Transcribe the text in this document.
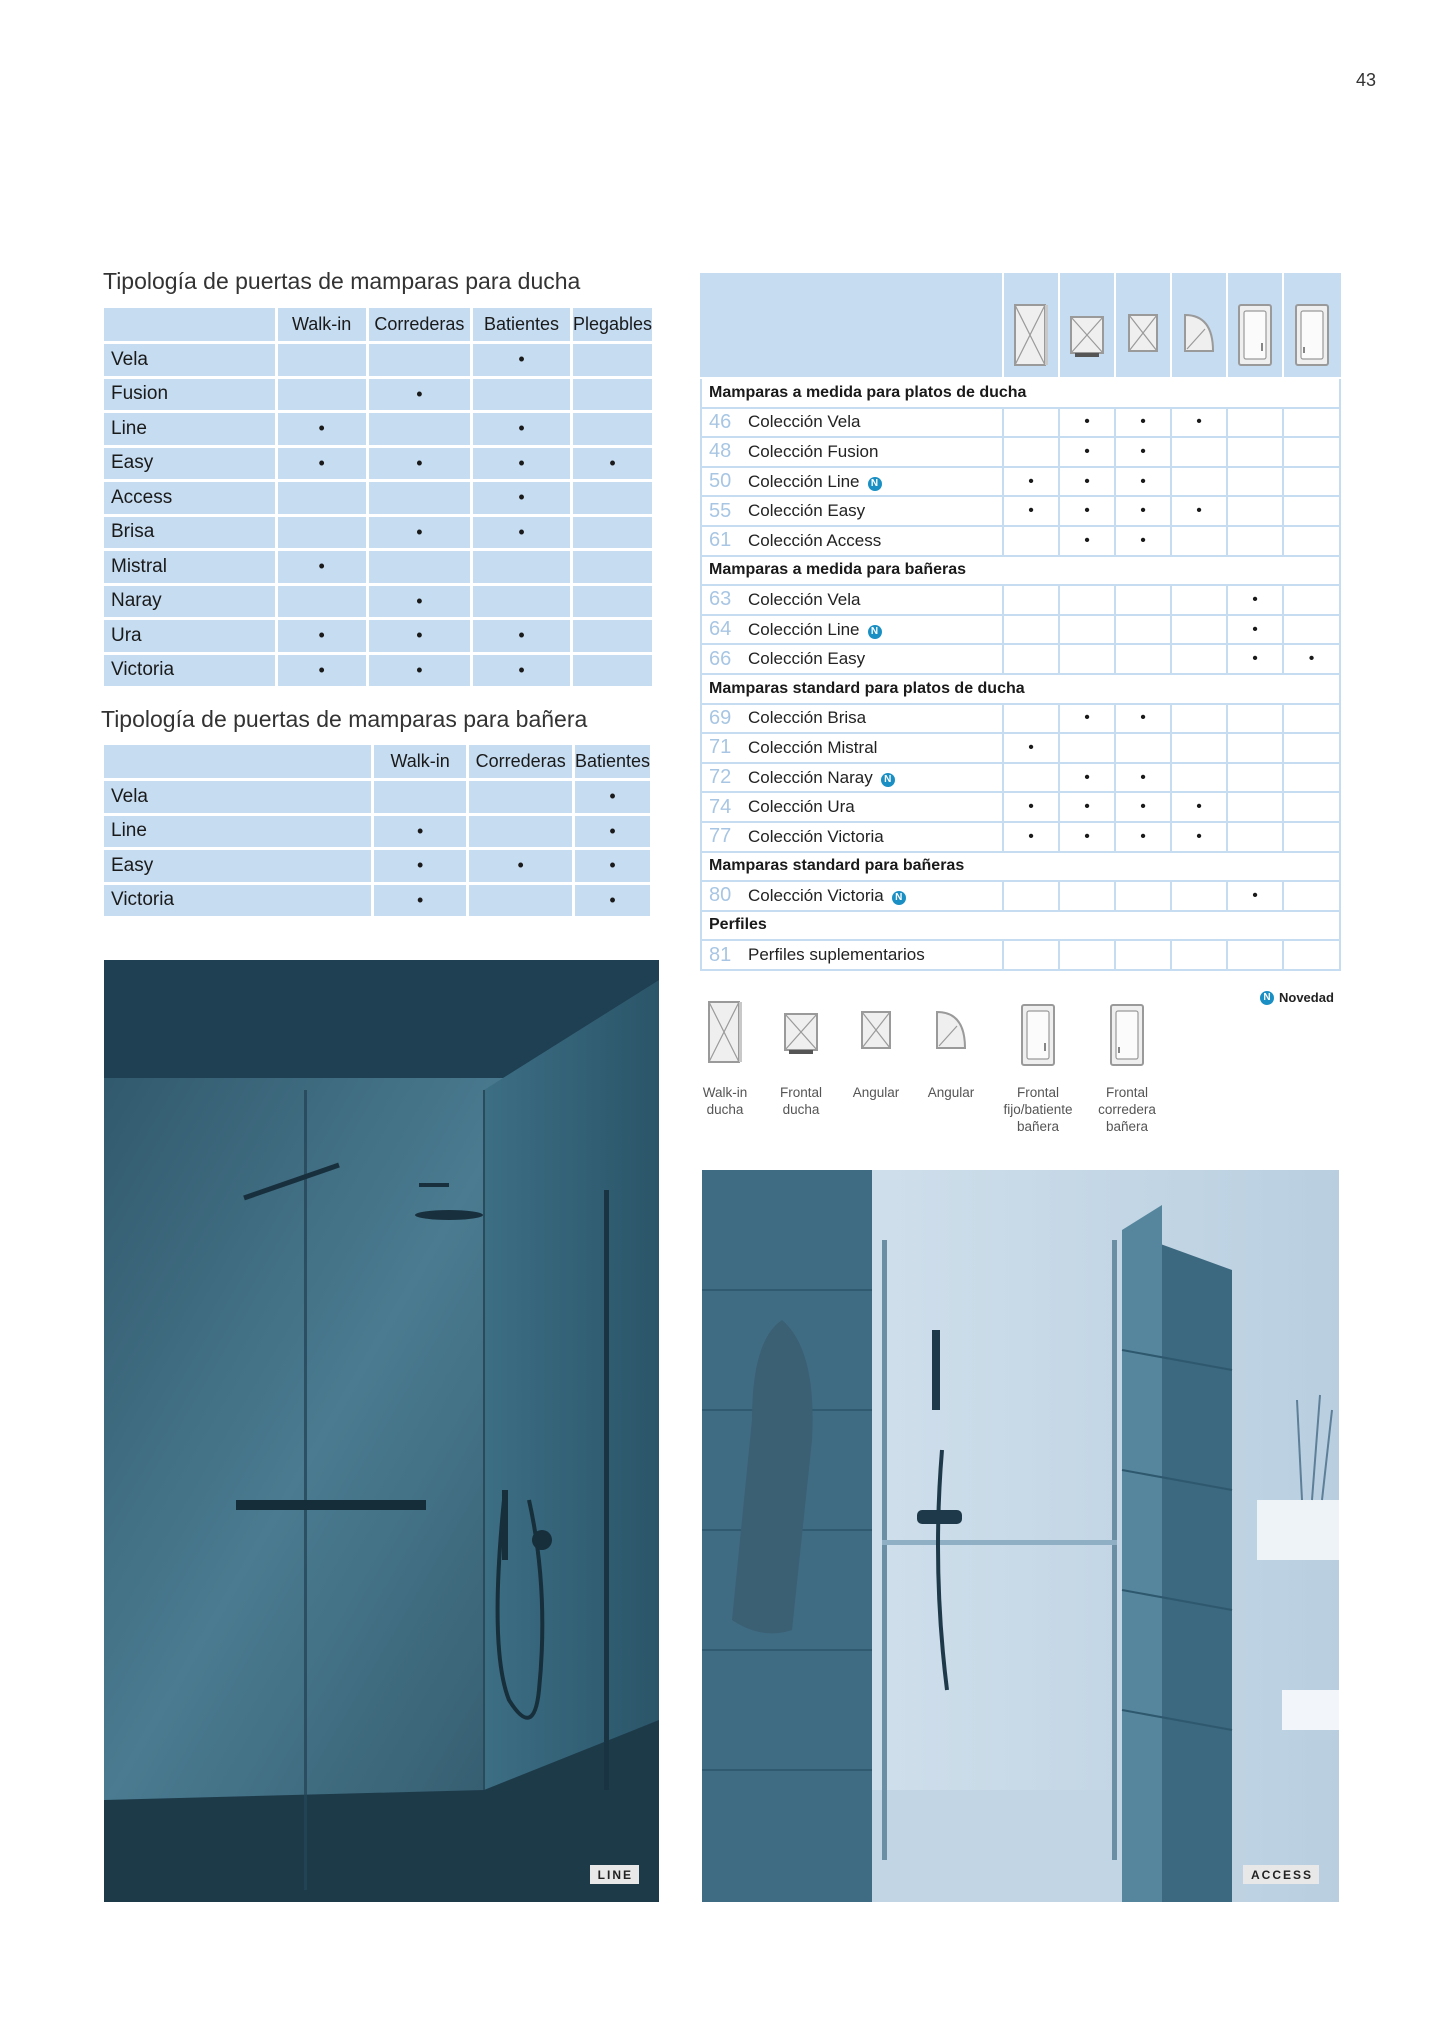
43
Tipología de puertas de mamparas para ducha
	Walk-in	Correderas	Batientes	Plegables
Vela			•	
Fusion		•		
Line	•		•	
Easy	•	•	•	•
Access			•	
Brisa		•	•	
Mistral	•			
Naray		•		
Ura	•	•	•	
Victoria	•	•	•	
Tipología de puertas de mamparas para bañera
	Walk-in	Correderas	Batientes
Vela			•
Line	•		•
Easy	•	•	•
Victoria	•		•

Mamparas a medida para platos de ducha							
46	Colección Vela		•	•	•		
48	Colección Fusion		•	•			
50	Colección Line N	•	•	•			
55	Colección Easy	•	•	•	•		
61	Colección Access		•	•			
Mamparas a medida para bañeras							
63	Colección Vela					•	
64	Colección Line N					•	
66	Colección Easy					•	•
Mamparas standard para platos de ducha							
69	Colección Brisa		•	•			
71	Colección Mistral	•					
72	Colección Naray N		•	•			
74	Colección Ura	•	•	•	•		
77	Colección Victoria	•	•	•	•		
Mamparas standard para bañeras							
80	Colección Victoria N					•	
Perfiles							
81	Perfiles suplementarios						
N Novedad
Walk-in
ducha
Frontal
ducha
Angular	Angular	Frontal
fijo/batiente
bañera
Frontal
corredera
bañera
LINE	ACCESS
